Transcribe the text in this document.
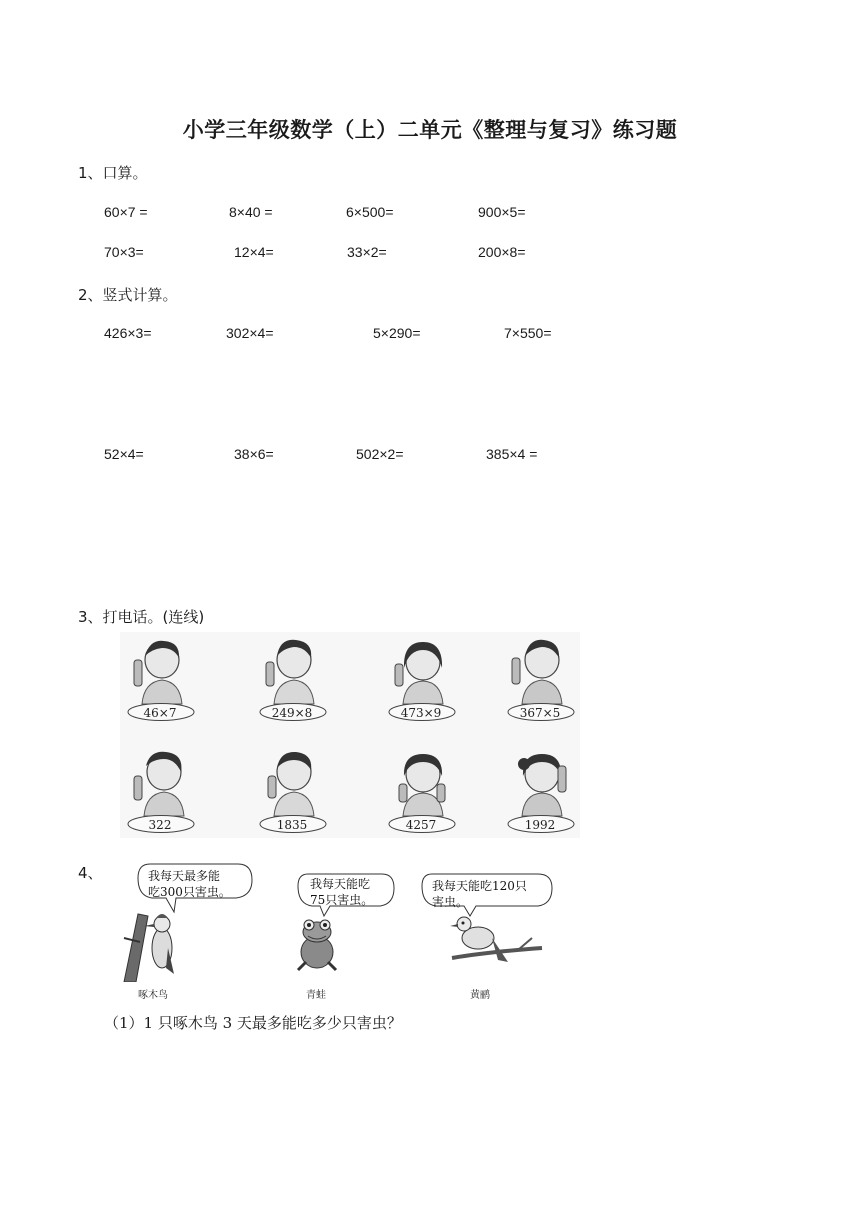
小学三年级数学（上）二单元《整理与复习》练习题
1、口算。
60×7 =	8×40 =	6×500=	900×5=
70×3=	12×4=	33×2=	200×8=
2、竖式计算。
426×3=	302×4=	5×290=	7×550=
52×4=	38×6=	502×2=	385×4 =
3、打电话。(连线)
46×7	249×8	473×9	367×5
322	1835	4257	1992
4、	我每天最多能
吃300只害虫。
我每天能吃
75只害虫。
我每天能吃120只
害虫。
啄木鸟	青蛙	黄鹂
（1）1 只啄木鸟 3 天最多能吃多少只害虫？
